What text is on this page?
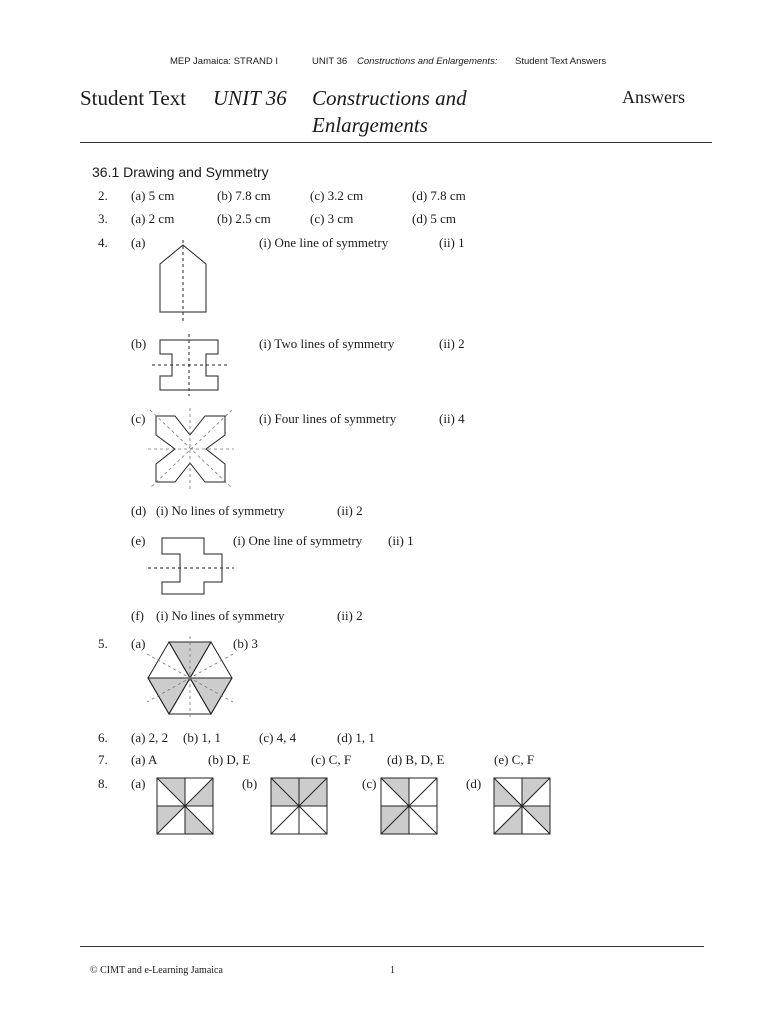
MEP Jamaica: STRAND I	UNIT 36 Constructions and Enlargements: Student Text Answers
Student Text UNIT 36 Constructions and
Enlargements
Answers
36.1 Drawing and Symmetry
2. (a) 5 cm	(b) 7.8 cm	(c) 3.2 cm	(d) 7.8 cm
3. (a) 2 cm	(b) 2.5 cm	(c) 3 cm	(d) 5 cm
4. (a)	(i) One line of symmetry	(ii) 1
(b)	(i) Two lines of symmetry	(ii) 2
(c)	(i) Four lines of symmetry	(ii) 4
(d) (i) No lines of symmetry	(ii) 2
(e)	(i) One line of symmetry (ii) 1
(f) (i) No lines of symmetry	(ii) 2
5. (a)	(b) 3
6. (a) 2, 2 (b) 1, 1	(c) 4, 4	(d) 1, 1
7. (a) A	(b) D, E	(c) C, F	(d) B, D, E	(e) C, F
8. (a)	(b)	(c)	(d)
© CIMT and e-Learning Jamaica	1
